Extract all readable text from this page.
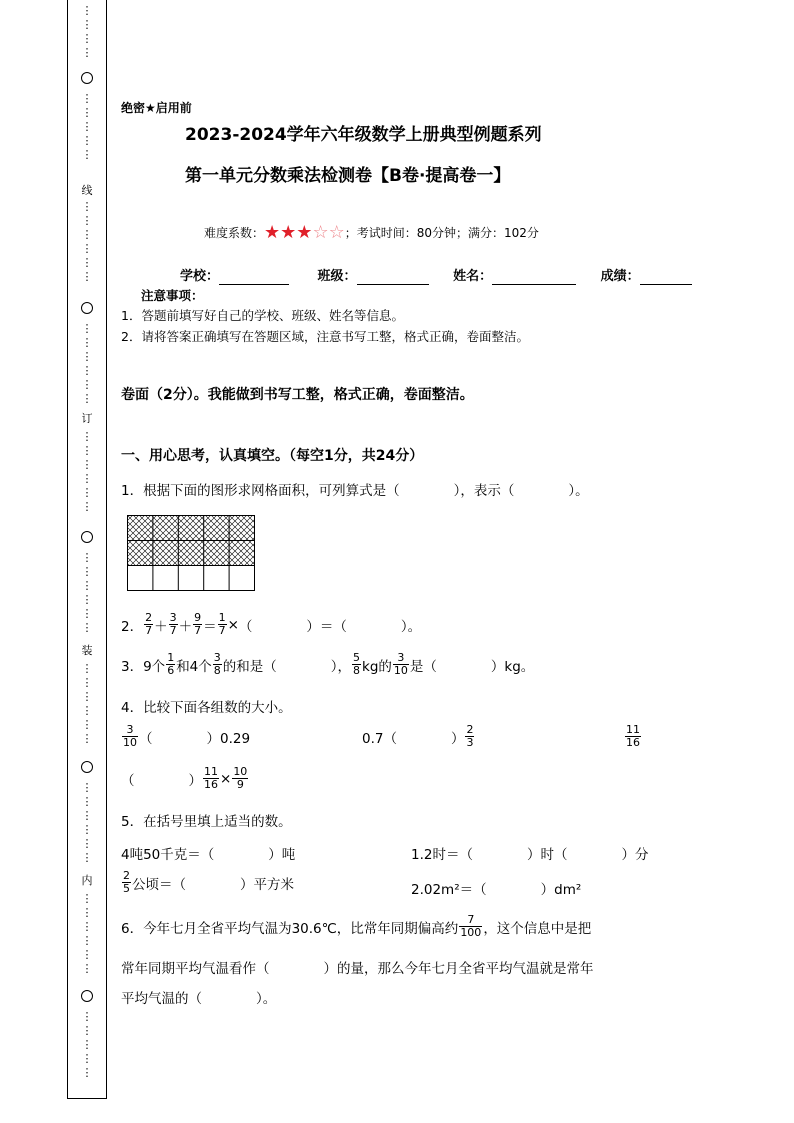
⋮
⋮
⋮
⋮
⋮
⋮
⋮
⋮
⋮
线
⋮
⋮
⋮
⋮
⋮
⋮
⋮
⋮
⋮
⋮
⋮
⋮
订
⋮
⋮
⋮
⋮
⋮
⋮
⋮
⋮
⋮
⋮
⋮
⋮
装
⋮
⋮
⋮
⋮
⋮
⋮
⋮
⋮
⋮
⋮
⋮
⋮
内
⋮
⋮
⋮
⋮
⋮
⋮
⋮
⋮
⋮
⋮
⋮
绝密★启用前
2023-2024学年六年级数学上册典型例题系列
第一单元分数乘法检测卷【B卷·提高卷一】
难度系数： ★ ★ ★ ☆ ☆ ；考试时间：80分钟；满分：102分
学校：	班级：	姓名：	成绩：
注意事项：
1．答题前填写好自己的学校、班级、姓名等信息。
2．请将答案正确填写在答题区域，注意书写工整，格式正确，卷面整洁。
卷面（2分）。我能做到书写工整，格式正确，卷面整洁。
一、用心思考，认真填空。（每空1分，共24分）
1．根据下面的图形求网格面积，可列算式是（　　　　），表示（　　　　）。
2． $\frac{2}{7} + \frac{3}{7} + \frac{9}{7} = \frac{1}{7}$ × （　　　　）＝（　　　　）。
3．9个 $\frac{1}{6}$ 和4个 $\frac{3}{8}$ 的和是（　　　　）， $\frac{5}{8}$ kg的 $\frac{3}{10}$ 是（　　　　）kg。
4．比较下面各组数的大小。
$\frac{3}{10}$ （　　　　）0.29	0.7（　　　　） $\frac{2}{3}$	$\frac{11}{16}$
（　　　　） $\frac{11}{16} \times \frac{10}{9}$
5．在括号里填上适当的数。
4吨50千克＝（　　　　）吨	1.2时＝（　　　　）时（　　　　）分
$\frac{2}{5}$ 公顷＝（　　　　）平方米	2.02m²＝（　　　　）dm²
6．今年七月全省平均气温为30.6℃，比常年同期偏高约 $\frac{7}{100}$ ，这个信息中是把
常年同期平均气温看作（　　　　）的量，那么今年七月全省平均气温就是常年
平均气温的（　　　　）。
